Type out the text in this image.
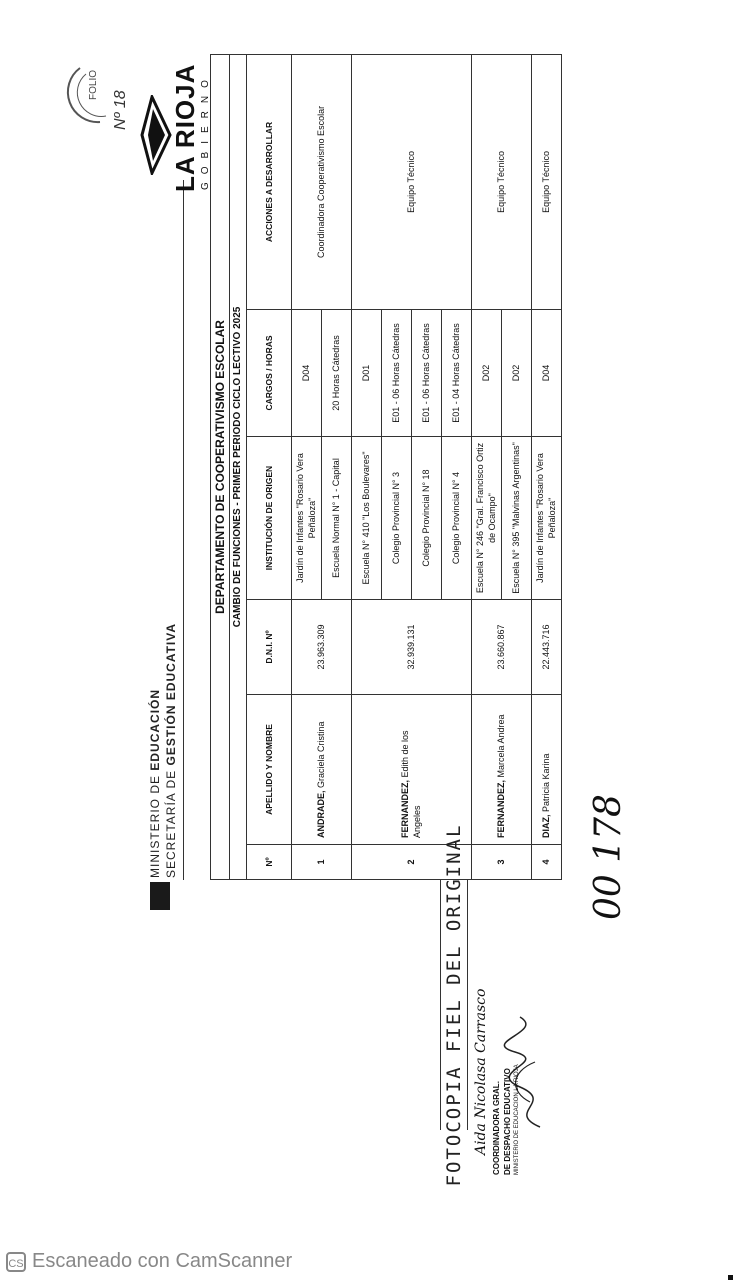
MINISTERIO DE EDUCACIÓN
SECRETARÍA DE GESTIÓN EDUCATIVA
LA RIOJA GOBIERNO
FOLIO
Nº 18
DEPARTAMENTO DE COOPERATIVISMO ESCOLAR					
CAMBIO DE FUNCIONES - PRIMER PERIODO CICLO LECTIVO 2025					
Nº	APELLIDO Y NOMBRE	D.N.I. Nº	INSTITUCIÓN DE ORIGEN	CARGOS / HORAS	ACCIONES A DESARROLLAR
1	ANDRADE, Graciela Cristina	23.963.309	Jardín de Infantes "Rosario Vera Peñaloza"	D04	Coordinadora Cooperativismo Escolar
			Escuela Normal N° 1 - Capital	20 Horas Cátedras	
2	FERNANDEZ, Edith de los Angeles	32.939.131	Escuela N° 410 "Los Boulevares"	D01	Equipo Técnico
			Colegio Provincial N° 3	E01 - 06 Horas Cátedras	
			Colegio Provincial N° 18	E01 - 06 Horas Cátedras	
			Colegio Provincial N° 4	E01 - 04 Horas Cátedras	
3	FERNANDEZ, Marcela Andrea	23.660.867	Escuela N° 246 "Gral. Francisco Ortiz de Ocampo"	D02	Equipo Técnico
			Escuela N° 395 "Malvinas Argentinas"	D02	
4	DIAZ, Patricia Karina	22.443.716	Jardín de Infantes "Rosario Vera Peñaloza"	D04	Equipo Técnico
00 178
FOTOCOPIA FIEL DEL ORIGINAL Aida Nicolasa Carrasco COORDINADORA GRAL. DE DESPACHO EDUCATIVO MINISTERIO DE EDUCACION LA RIOJA
CS Escaneado con CamScanner
